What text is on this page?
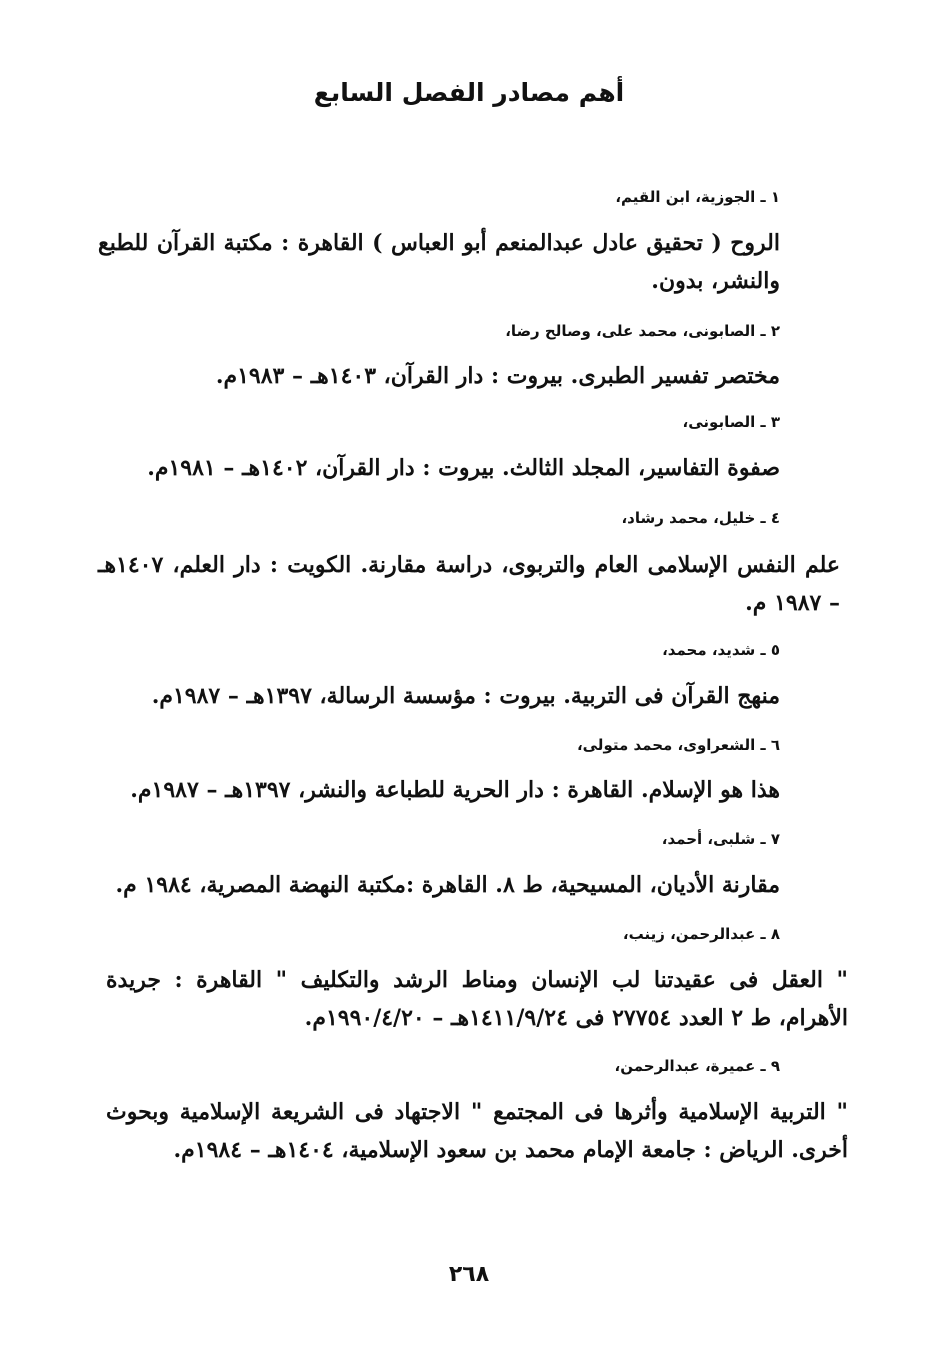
أهم مصادر الفصل السابع
١ ـ الجوزية، ابن القيم،
الروح ( تحقيق عادل عبدالمنعم أبو العباس ) القاهرة : مكتبة القرآن للطبع والنشر، بدون.
٢ ـ الصابونى، محمد على، وصالح رضا،
مختصر تفسير الطبرى. بيروت : دار القرآن، ١٤٠٣هـ – ١٩٨٣م.
٣ ـ الصابونى،
صفوة التفاسير، المجلد الثالث. بيروت : دار القرآن، ١٤٠٢هـ – ١٩٨١م.
٤ ـ خليل، محمد رشاد،
علم النفس الإسلامى العام والتربوى، دراسة مقارنة. الكويت : دار العلم، ١٤٠٧هـ – ١٩٨٧ م.
٥ ـ شديد، محمد،
منهج القرآن فى التربية. بيروت : مؤسسة الرسالة، ١٣٩٧هـ – ١٩٨٧م.
٦ ـ الشعراوى، محمد متولى،
هذا هو الإسلام. القاهرة : دار الحرية للطباعة والنشر، ١٣٩٧هـ – ١٩٨٧م.
٧ ـ شلبى، أحمد،
مقارنة الأديان، المسيحية، ط ٨. القاهرة :مكتبة النهضة المصرية، ١٩٨٤ م.
٨ ـ عبدالرحمن، زينب،
" العقل فى عقيدتنا لب الإنسان ومناط الرشد والتكليف " القاهرة : جريدة الأهرام، ط ٢ العدد ٢٧٧٥٤ فى ١٤١١/٩/٢٤هـ – ١٩٩٠/٤/٢٠م.
٩ ـ عميرة، عبدالرحمن،
" التربية الإسلامية وأثرها فى المجتمع " الاجتهاد فى الشريعة الإسلامية وبحوث أخرى. الرياض : جامعة الإمام محمد بن سعود الإسلامية، ١٤٠٤هـ – ١٩٨٤م.
٢٦٨
